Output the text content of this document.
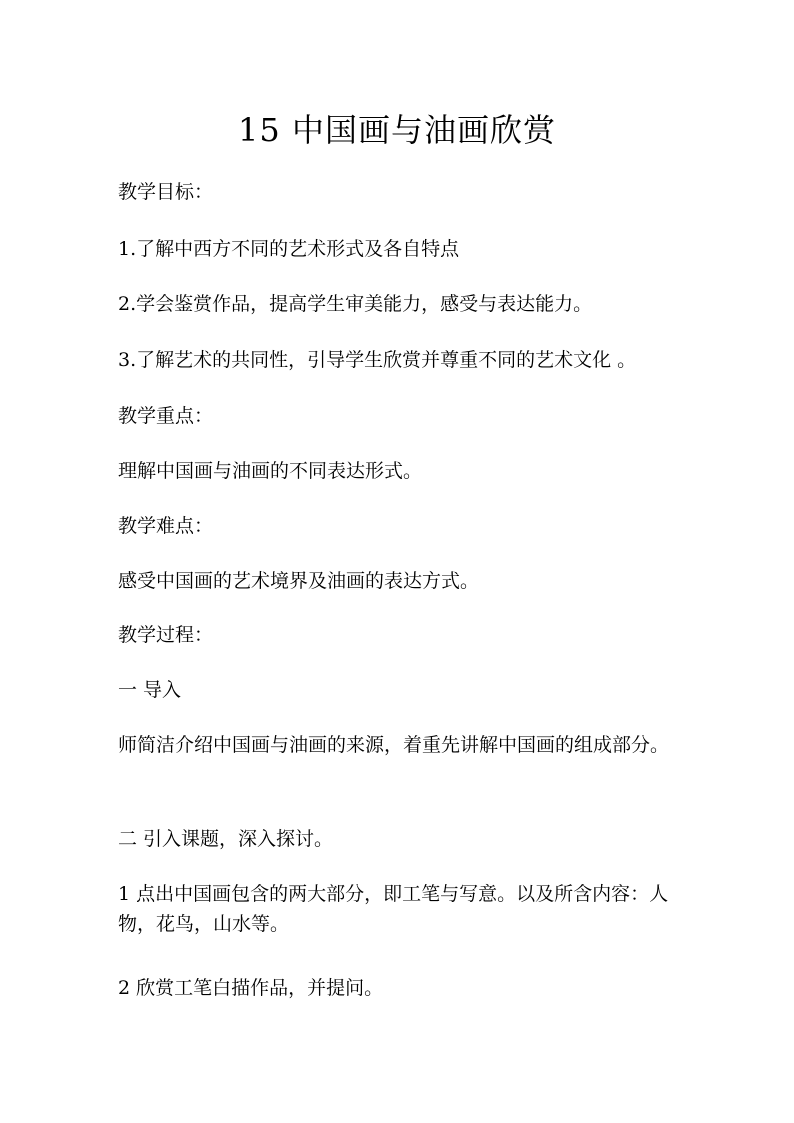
15 中国画与油画欣赏
教学目标：
1.了解中西方不同的艺术形式及各自特点
2.学会鉴赏作品，提高学生审美能力，感受与表达能力。
3.了解艺术的共同性，引导学生欣赏并尊重不同的艺术文化 。
教学重点：
理解中国画与油画的不同表达形式。
教学难点：
感受中国画的艺术境界及油画的表达方式。
教学过程：
一 导入
师简洁介绍中国画与油画的来源，着重先讲解中国画的组成部分。
二 引入课题，深入探讨。
1 点出中国画包含的两大部分，即工笔与写意。以及所含内容：人物，花鸟，山水等。
2 欣赏工笔白描作品，并提问。
